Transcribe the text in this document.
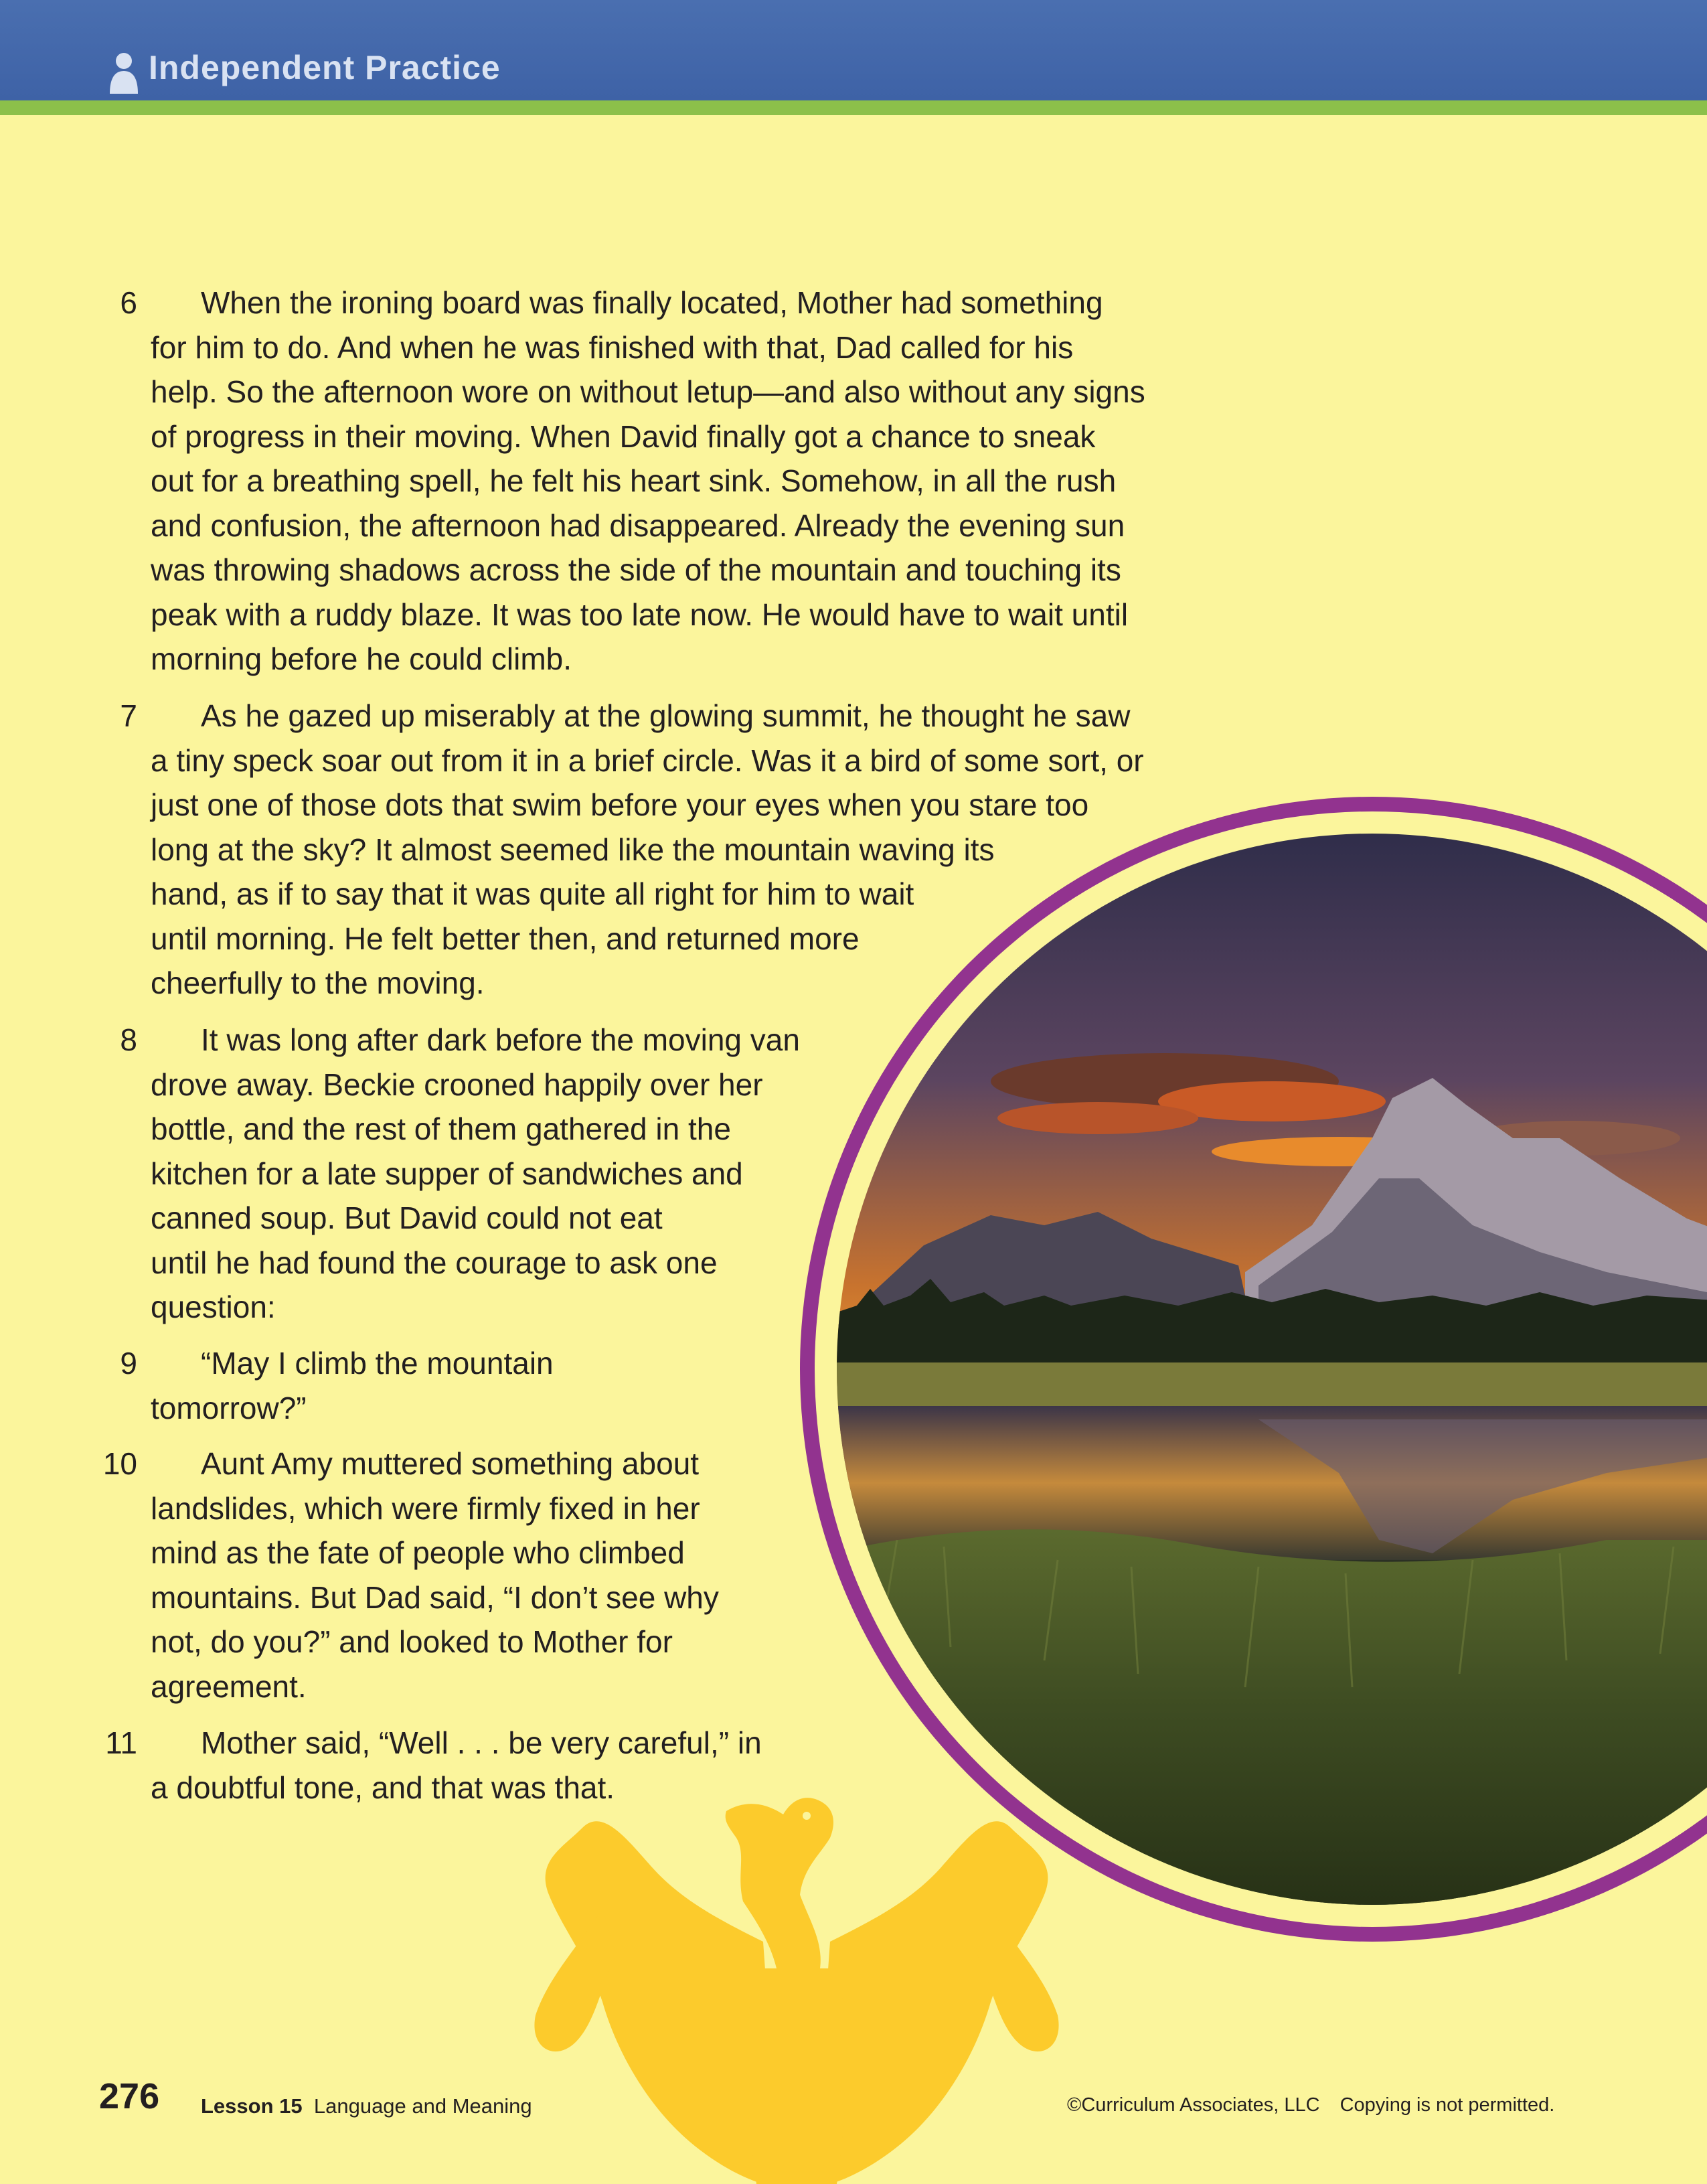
Independent Practice
6	When the ironing board was finally located, Mother had something
for him to do. And when he was finished with that, Dad called for his
help. So the afternoon wore on without letup—and also without any signs
of progress in their moving. When David finally got a chance to sneak
out for a breathing spell, he felt his heart sink. Somehow, in all the rush
and confusion, the afternoon had disappeared. Already the evening sun
was throwing shadows across the side of the mountain and touching its
peak with a ruddy blaze. It was too late now. He would have to wait until
morning before he could climb.
7	As he gazed up miserably at the glowing summit, he thought he saw
a tiny speck soar out from it in a brief circle. Was it a bird of some sort, or
just one of those dots that swim before your eyes when you stare too
long at the sky? It almost seemed like the mountain waving its
hand, as if to say that it was quite all right for him to wait
until morning. He felt better then, and returned more
cheerfully to the moving.
8	It was long after dark before the moving van
drove away. Beckie crooned happily over her
bottle, and the rest of them gathered in the
kitchen for a late supper of sandwiches and
canned soup. But David could not eat
until he had found the courage to ask one
question:
9	“May I climb the mountain
tomorrow?”
10	Aunt Amy muttered something about
landslides, which were firmly fixed in her
mind as the fate of people who climbed
mountains. But Dad said, “I don’t see why
not, do you?” and looked to Mother for
agreement.
11	Mother said, “Well . . . be very careful,” in
a doubtful tone, and that was that.
276 Lesson 15 Language and Meaning	©Curriculum Associates, LLC Copying is not permitted.
